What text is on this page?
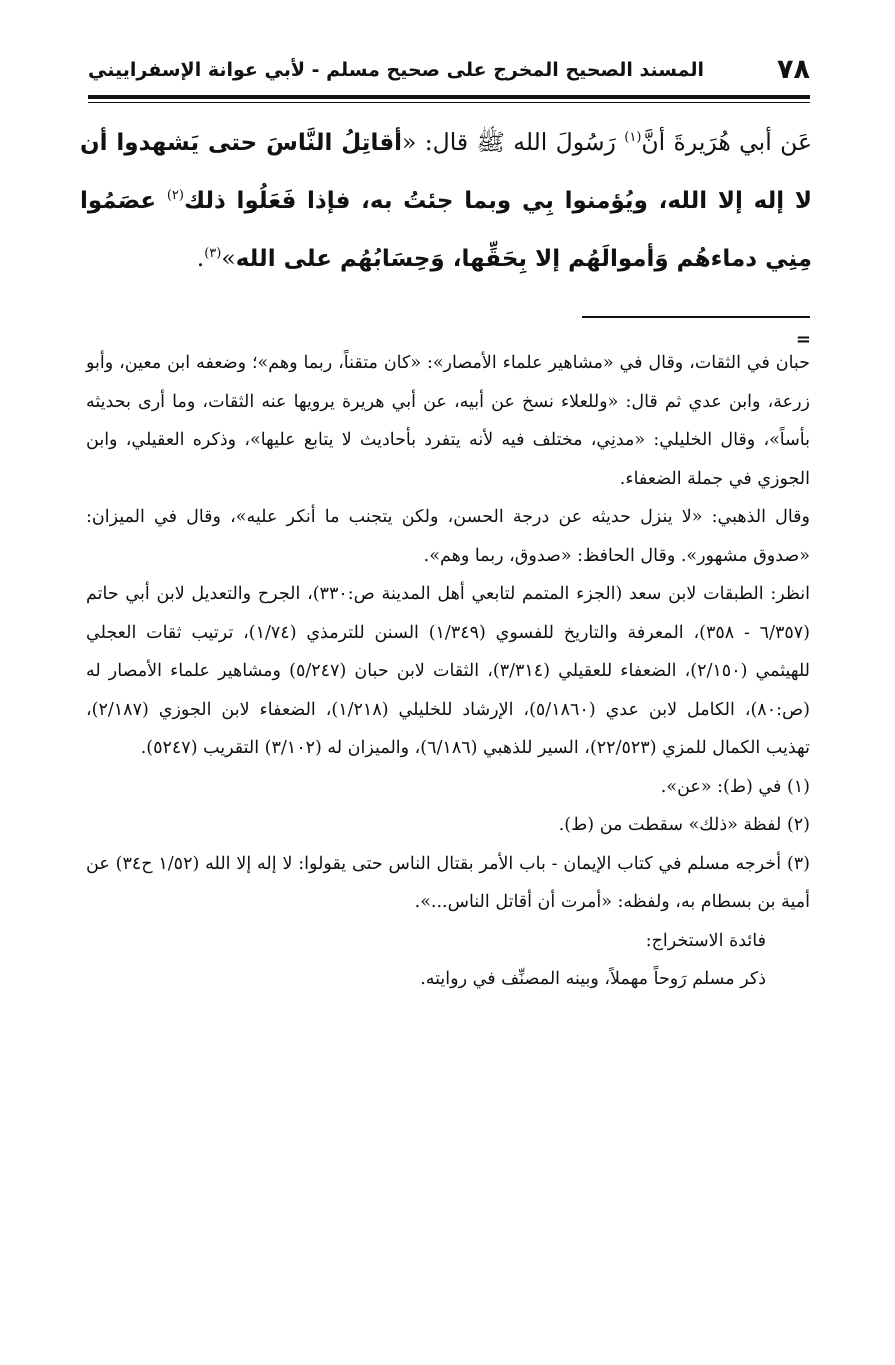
٧٨
المسند الصحيح المخرج على صحيح مسلم - لأبي عوانة الإسفراييني
عَن أبي هُرَيرةَ أنَّ$^{(١)}$ رَسُولَ الله ﷺ قال: «أقاتِلُ النَّاسَ حتى يَشهدوا أن لا إله إلا الله، ويُؤمنوا بِي وبما جئتُ به، فإذا فَعَلُوا ذلك$^{(٢)}$ عصَمُوا مِنِي دماءهُم وَأموالَهُم إلا بِحَقِّها، وَحِسَابُهُم على الله»$^{(٣)}$.
=

حبان في الثقات، وقال في «مشاهير علماء الأمصار»: «كان متقناً، ربما وهم»؛ وضعفه ابن معين، وأبو زرعة، وابن عدي ثم قال: «وللعلاء نسخ عن أبيه، عن أبي هريرة يرويها عنه الثقات، وما أرى بحديثه بأساً»، وقال الخليلي: «مدنِي، مختلف فيه لأنه يتفرد بأحاديث لا يتابع عليها»، وذكره العقيلي، وابن الجوزي في جملة الضعفاء.

وقال الذهبي: «لا ينزل حديثه عن درجة الحسن، ولكن يتجنب ما أنكر عليه»، وقال في الميزان: «صدوق مشهور». وقال الحافظ: «صدوق، ربما وهم».

انظر: الطبقات لابن سعد (الجزء المتمم لتابعي أهل المدينة ص:٣٣٠)، الجرح والتعديل لابن أبي حاتم (٦/٣٥٧ - ٣٥٨)، المعرفة والتاريخ للفسوي (١/٣٤٩) السنن للترمذي (١/٧٤)، ترتيب ثقات العجلي للهيثمي (٢/١٥٠)، الضعفاء للعقيلي (٣/٣١٤)، الثقات لابن حبان (٥/٢٤٧) ومشاهير علماء الأمصار له (ص:٨٠)، الكامل لابن عدي (٥/١٨٦٠)، الإرشاد للخليلي (١/٢١٨)، الضعفاء لابن الجوزي (٢/١٨٧)، تهذيب الكمال للمزي (٢٢/٥٢٣)، السير للذهبي (٦/١٨٦)، والميزان له (٣/١٠٢) التقريب (٥٢٤٧).

(١) في (ط): «عن».

(٢) لفظة «ذلك» سقطت من (ط).

(٣) أخرجه مسلم في كتاب الإيمان - باب الأمر بقتال الناس حتى يقولوا: لا إله إلا الله (١/٥٢ ح٣٤) عن أمية بن بسطام به، ولفظه: «أمرت أن أقاتل الناس...».

فائدة الاستخراج:

ذكر مسلم رَوحاً مهملاً، وبينه المصنِّف في روايته.
